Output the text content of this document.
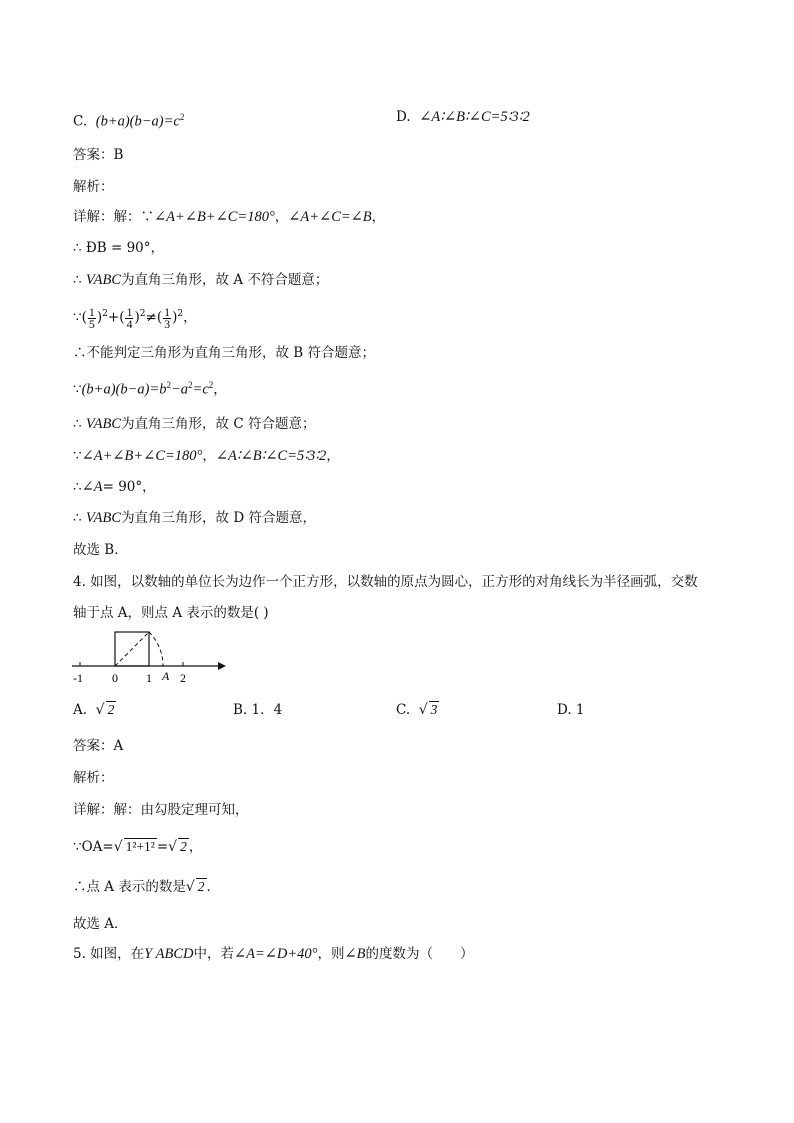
C. $(b+a)(b-a)=c^2$	D. ∠A∶∠B∶∠C=5∶3∶2
答案：B
解析：
详解：解：∵∠A+∠B+∠C=180°，∠A+∠C=∠B，
∴ ÐB = 90°，
∴ VABC为直角三角形，故 A 不符合题意；
∵( $\frac{1}{5} )^2+( \frac{1}{4} )^2\ne( \frac{1}{3} )^2$，
∴不能判定三角形为直角三角形，故 B 符合题意；
$\because(b+a)(b-a)=b^2-a^2=c^2$，
∴ VABC为直角三角形，故 C 符合题意；
∵∠A+∠B+∠C=180°，∠A∶∠B∶∠C=5∶3∶2，
∴∠A= 90°，
∴ VABC为直角三角形，故 D 符合题意，
故选 B．
4. 如图，以数轴的单位长为边作一个正方形，以数轴的原点为圆心，正方形的对角线长为半径画弧，交数
轴于点 A，则点 A 表示的数是( )
-1 0 1 A 2
A. √ 2	B. 1．4	C. √ 3	D. 1
答案：A
解析：
详解：解：由勾股定理可知，
∵OA=√ 1²+1² =√ 2 ，
∴点 A 表示的数是√ 2 ．
故选 A．
5. 如图，在Y ABCD中，若∠A=∠D+40°，则∠B的度数为（　　）
